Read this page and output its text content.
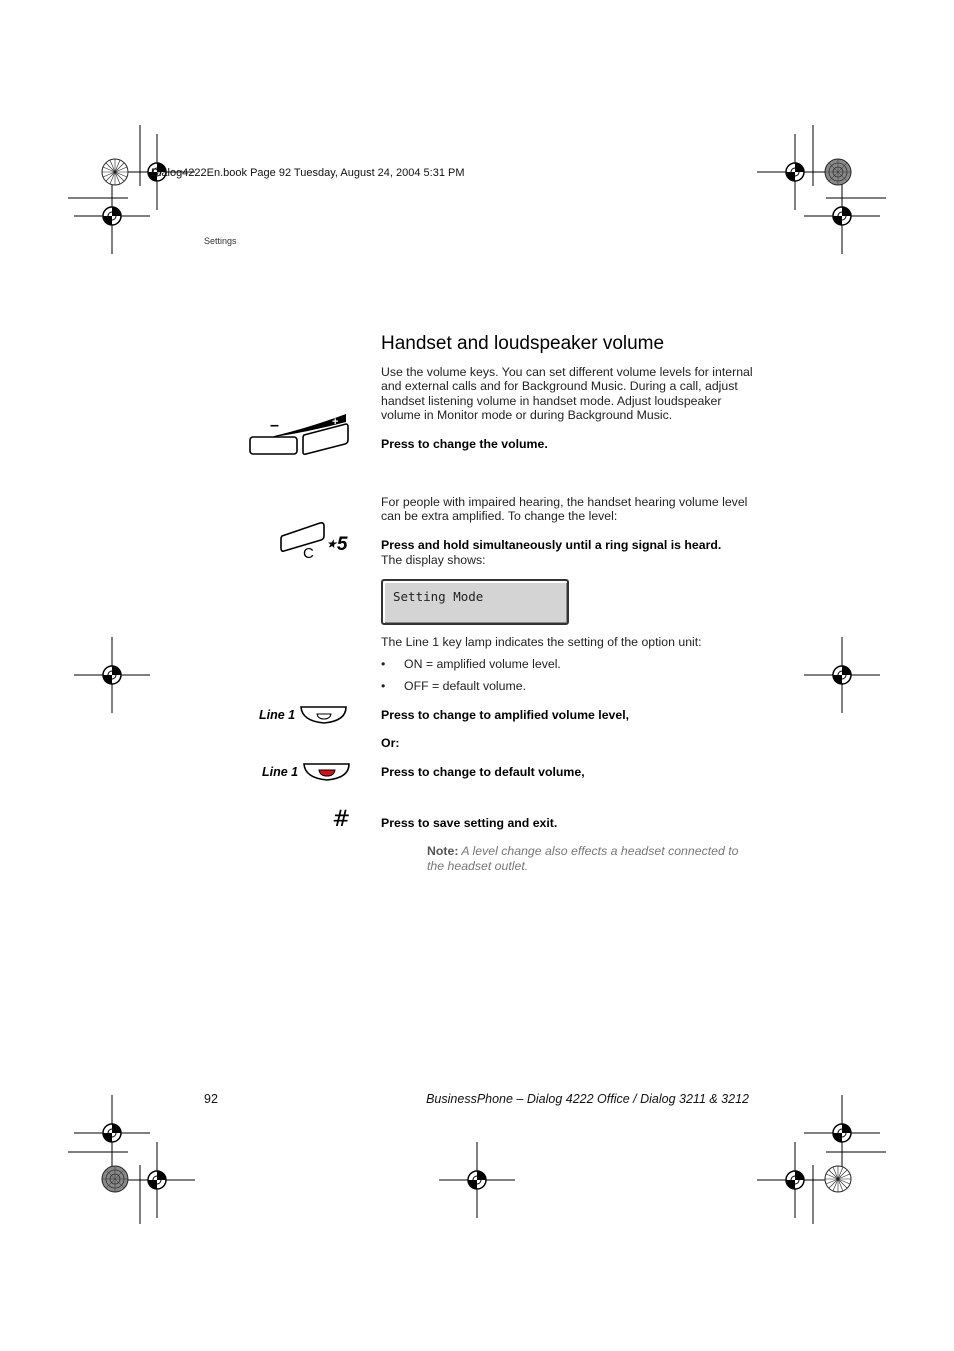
Dialog4222En.book Page 92 Tuesday, August 24, 2004 5:31 PM
Settings
Handset and loudspeaker volume
Use the volume keys. You can set different volume levels for internal and external calls and for Background Music. During a call, adjust handset listening volume in handset mode. Adjust loudspeaker volume in Monitor mode or during Background Music.
–	+
Press to change the volume.
For people with impaired hearing, the handset hearing volume level can be extra amplified. To change the level:
C ⋆5	Press and hold simultaneously until a ring signal is heard.
The display shows:
Setting Mode
The Line 1 key lamp indicates the setting of the option unit:
• ON = amplified volume level.
• OFF = default volume.
Line 1	Press to change to amplified volume level,
Or:
Line 1	Press to change to default volume,
# Press to save setting and exit.
Note: A level change also effects a headset connected to the headset outlet.
92	BusinessPhone – Dialog 4222 Office / Dialog 3211 & 3212
